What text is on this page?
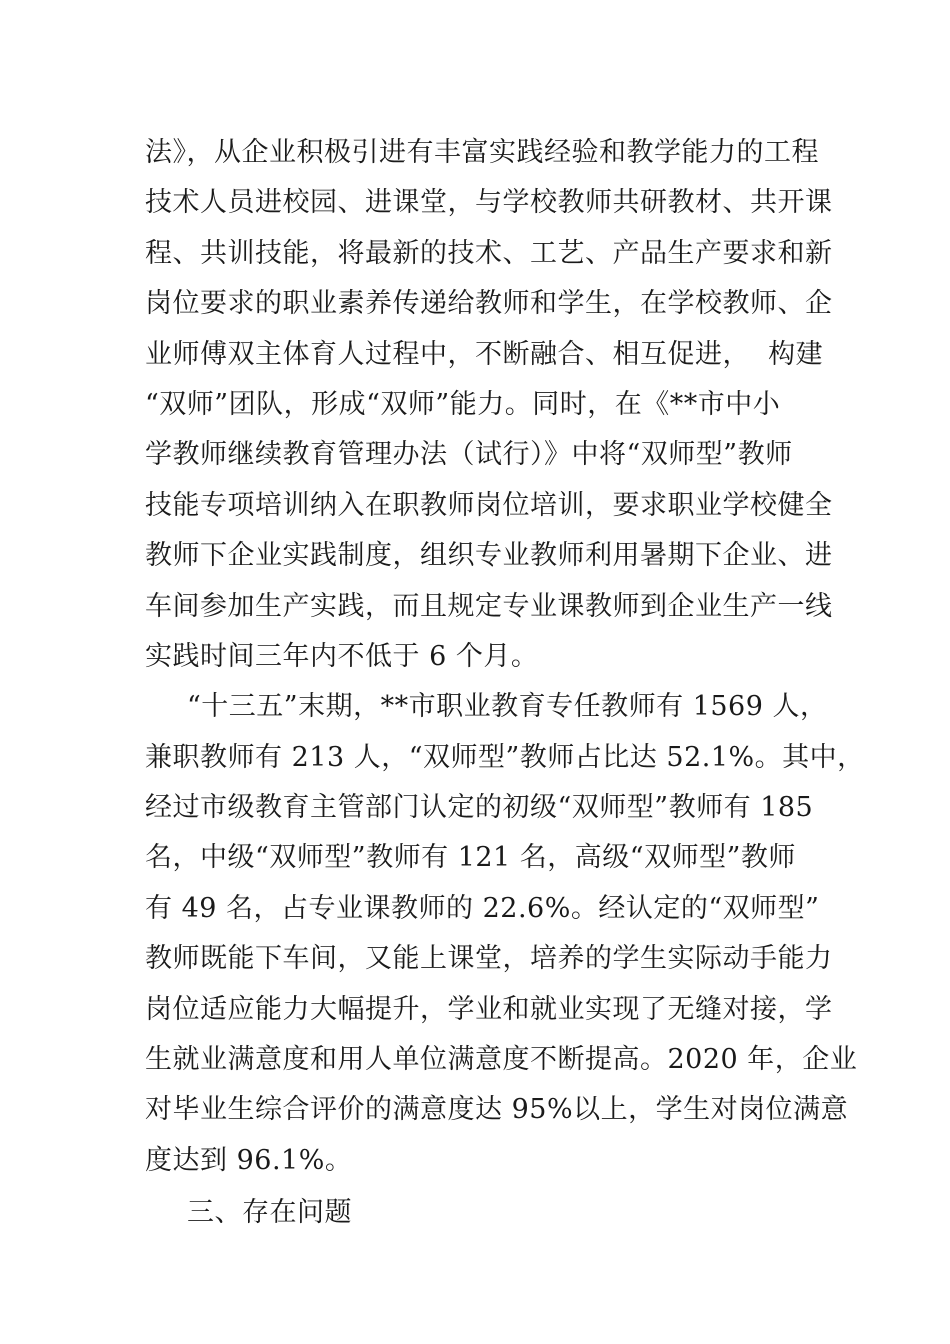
法》，从企业积极引进有丰富实践经验和教学能力的工程
技术人员进校园、进课堂，与学校教师共研教材、共开课
程、共训技能，将最新的技术、工艺、产品生产要求和新
岗位要求的职业素养传递给教师和学生，在学校教师、企
业师傅双主体育人过程中，不断融合、相互促进，  构建
“双师”团队，形成“双师”能力。同时，在《**市中小
学教师继续教育管理办法（试行）》中将“双师型”教师
技能专项培训纳入在职教师岗位培训，要求职业学校健全
教师下企业实践制度，组织专业教师利用暑期下企业、进
车间参加生产实践，而且规定专业课教师到企业生产一线
实践时间三年内不低于 6 个月。
“十三五”末期，**市职业教育专任教师有 1569 人，
兼职教师有 213 人，“双师型”教师占比达 52.1%。其中，
经过市级教育主管部门认定的初级“双师型”教师有 185
名，中级“双师型”教师有 121 名，高级“双师型”教师
有 49 名，占专业课教师的 22.6%。经认定的“双师型”
教师既能下车间，又能上课堂，培养的学生实际动手能力
岗位适应能力大幅提升，学业和就业实现了无缝对接，学
生就业满意度和用人单位满意度不断提高。2020 年，企业
对毕业生综合评价的满意度达 95%以上，学生对岗位满意
度达到 96.1%。
三、存在问题
